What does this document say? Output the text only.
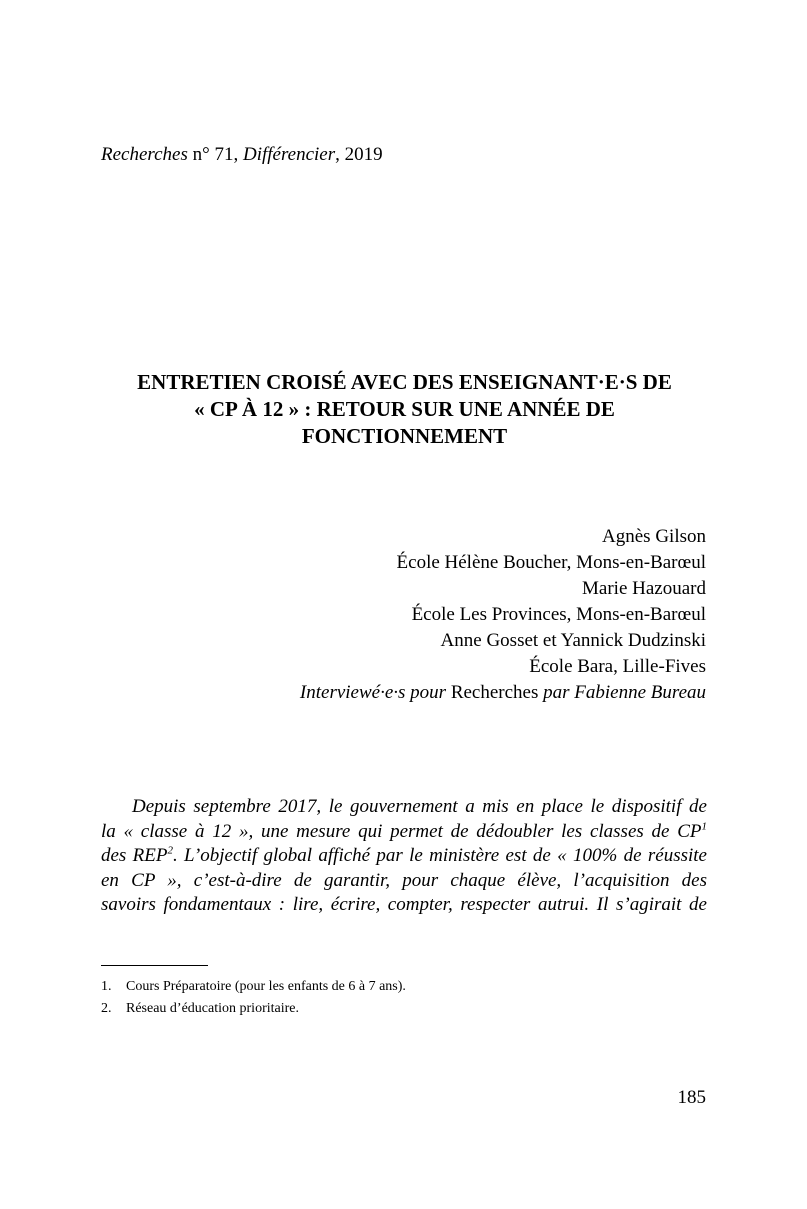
Recherches n° 71, Différencier, 2019
ENTRETIEN CROISÉ AVEC DES ENSEIGNANT·E·S DE
« CP À 12 » : RETOUR SUR UNE ANNÉE DE
FONCTIONNEMENT
Agnès Gilson
École Hélène Boucher, Mons-en-Barœul
Marie Hazouard
École Les Provinces, Mons-en-Barœul
Anne Gosset et Yannick Dudzinski
École Bara, Lille-Fives
Interviewé·e·s pour Recherches par Fabienne Bureau
Depuis septembre 2017, le gouvernement a mis en place le dispositif de
la « classe à 12 », une mesure qui permet de dédoubler les classes de $CP^1$
des REP$^2$. L’objectif global affiché par le ministère est de « 100% de réussite
en CP », c’est-à-dire de garantir, pour chaque élève, l’acquisition des
savoirs fondamentaux : lire, écrire, compter, respecter autrui. Il s’agirait de
1. Cours Préparatoire (pour les enfants de 6 à 7 ans).
2. Réseau d’éducation prioritaire.
185
